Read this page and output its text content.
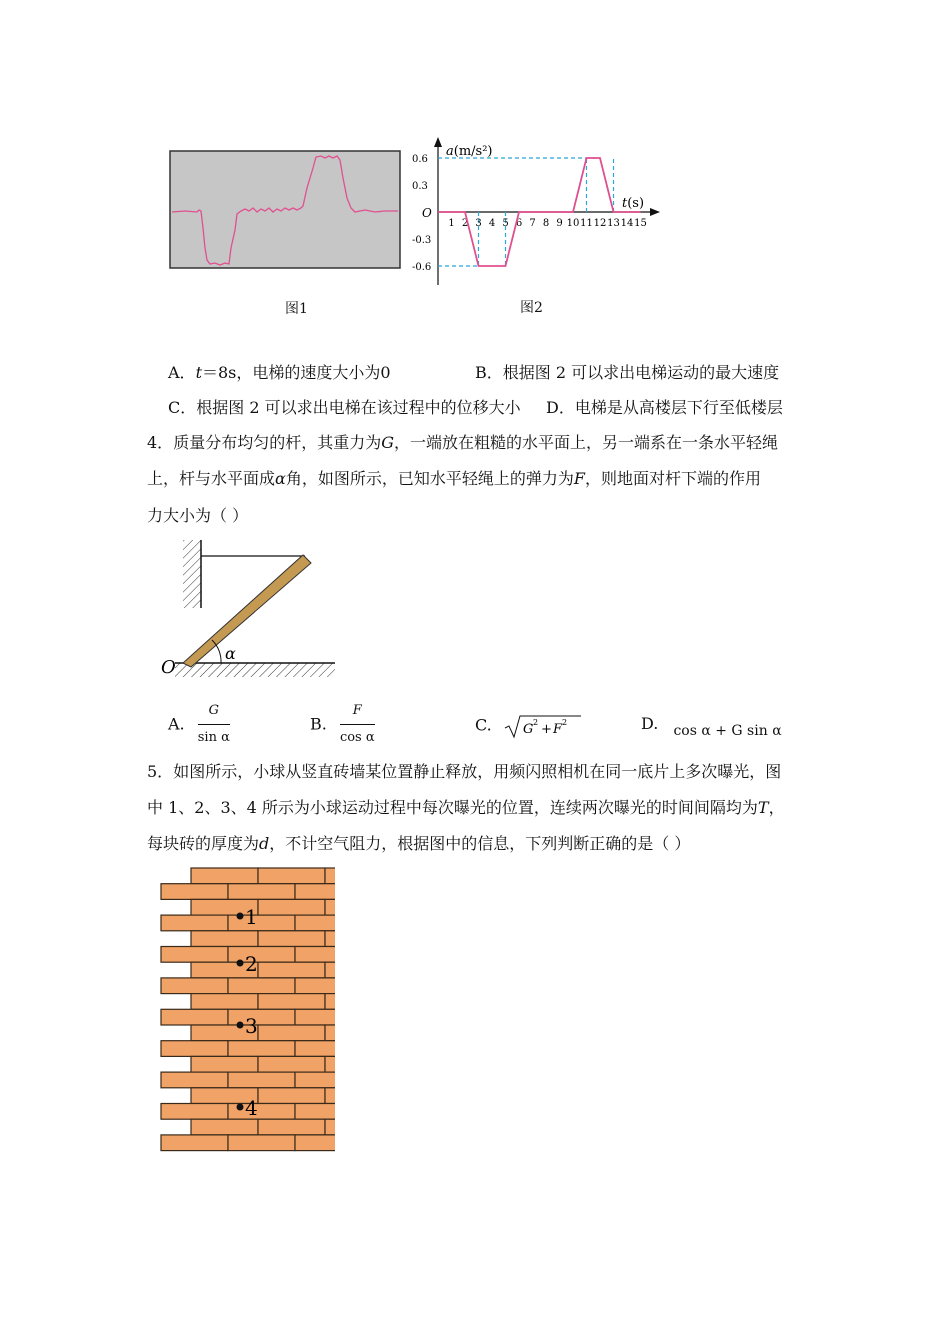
图1
a(m/s²)
t(s)
O
0.6
0.3
-0.3
-0.6
1 2 3 4 5 6 7 8 9 10 11 12 13 14 15
图2
A．t＝8s，电梯的速度大小为0	B．根据图 2 可以求出电梯运动的最大速度
C．根据图 2 可以求出电梯在该过程中的位移大小 D．电梯是从高楼层下行至低楼层
4．质量分布均匀的杆，其重力为G，一端放在粗糙的水平面上，另一端系在一条水平轻绳
上，杆与水平面成α角，如图所示，已知水平轻绳上的弹力为F，则地面对杆下端的作用
力大小为（ ）
O
α
A. $\frac{G}{\text{sin α}}$	B. $\frac{F}{\text{cos α}}$	C. G 2 + F 2	D. cos α + G sin α
5．如图所示，小球从竖直砖墙某位置静止释放，用频闪照相机在同一底片上多次曝光，图
中 1、2、3、4 所示为小球运动过程中每次曝光的位置，连续两次曝光的时间间隔均为T，
每块砖的厚度为d，不计空气阻力，根据图中的信息，下列判断正确的是（ ）
1
2
3
4
